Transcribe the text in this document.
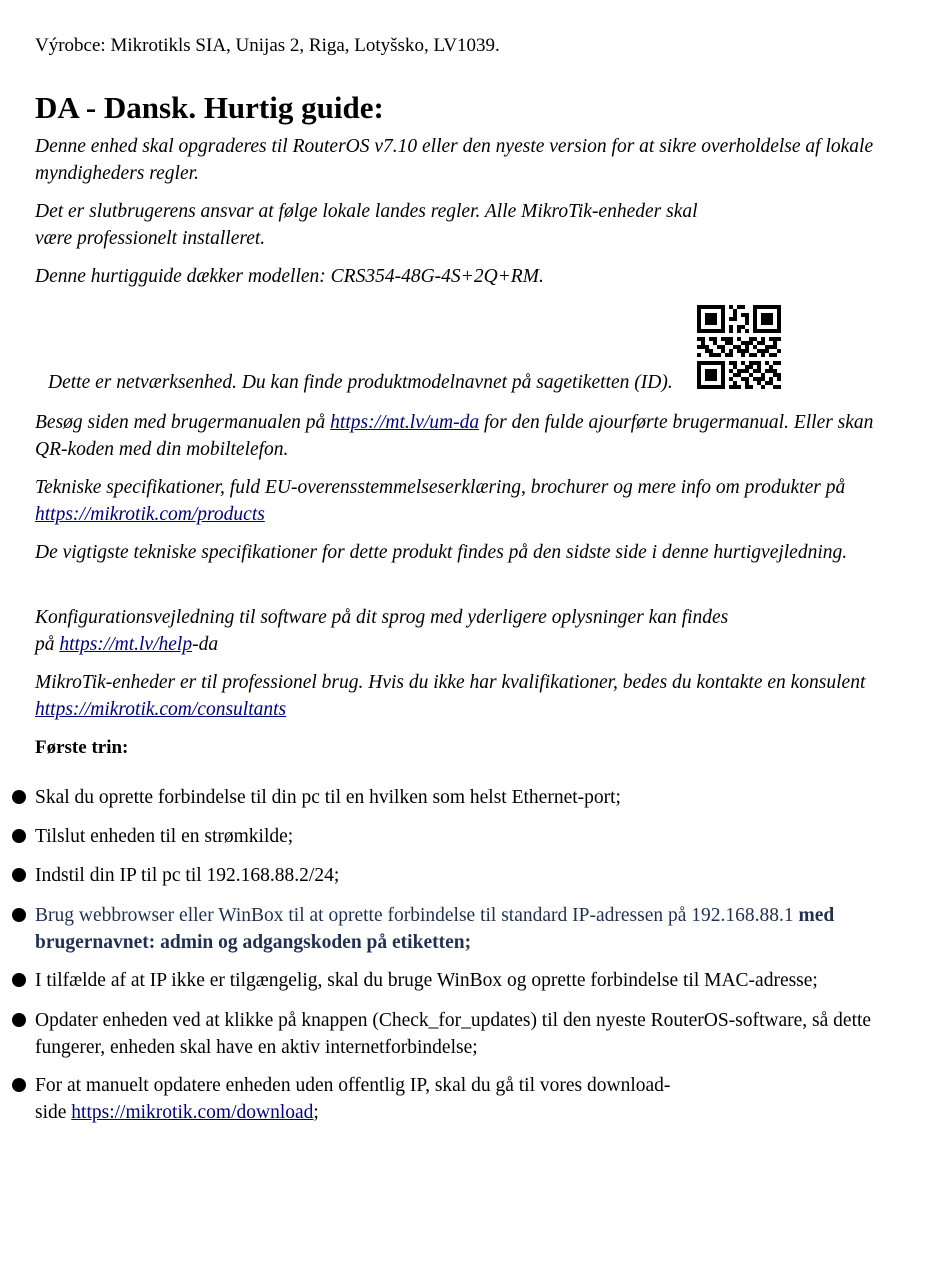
Výrobce: Mikrotikls SIA, Unijas 2, Riga, Lotyšsko, LV1039.
DA - Dansk. Hurtig guide:

Denne enhed skal opgraderes til RouterOS v7.10 eller den nyeste version for at sikre overholdelse af lokale myndigheders regler.

Det er slutbrugerens ansvar at følge lokale landes regler. Alle MikroTik-enheder skal
være professionelt installeret.

Denne hurtigguide dækker modellen: CRS354-48G-4S+2Q+RM.

Dette er netværksenhed. Du kan finde produktmodelnavnet på sagetiketten (ID).

Besøg siden med brugermanualen på https://mt.lv/um-da for den fulde ajourførte brugermanual. Eller skan QR-koden med din mobiltelefon.

Tekniske specifikationer, fuld EU-overensstemmelseserklæring, brochurer og mere info om produkter på https://mikrotik.com/products

De vigtigste tekniske specifikationer for dette produkt findes på den sidste side i denne hurtigvejledning.

Konfigurationsvejledning til software på dit sprog med yderligere oplysninger kan findes
på https://mt.lv/help-da

MikroTik-enheder er til professionel brug. Hvis du ikke har kvalifikationer, bedes du kontakte en konsulent https://mikrotik.com/consultants

Første trin:
Skal du oprette forbindelse til din pc til en hvilken som helst Ethernet-port;
Tilslut enheden til en strømkilde;
Indstil din IP til pc til 192.168.88.2/24;
Brug webbrowser eller WinBox til at oprette forbindelse til standard IP-adressen på 192.168.88.1 med brugernavnet: admin og adgangskoden på etiketten;
I tilfælde af at IP ikke er tilgængelig, skal du bruge WinBox og oprette forbindelse til MAC-adresse;
Opdater enheden ved at klikke på knappen (Check_for_updates) til den nyeste RouterOS-software, så dette fungerer, enheden skal have en aktiv internetforbindelse;
For at manuelt opdatere enheden uden offentlig IP, skal du gå til vores download-
side https://mikrotik.com/download;
